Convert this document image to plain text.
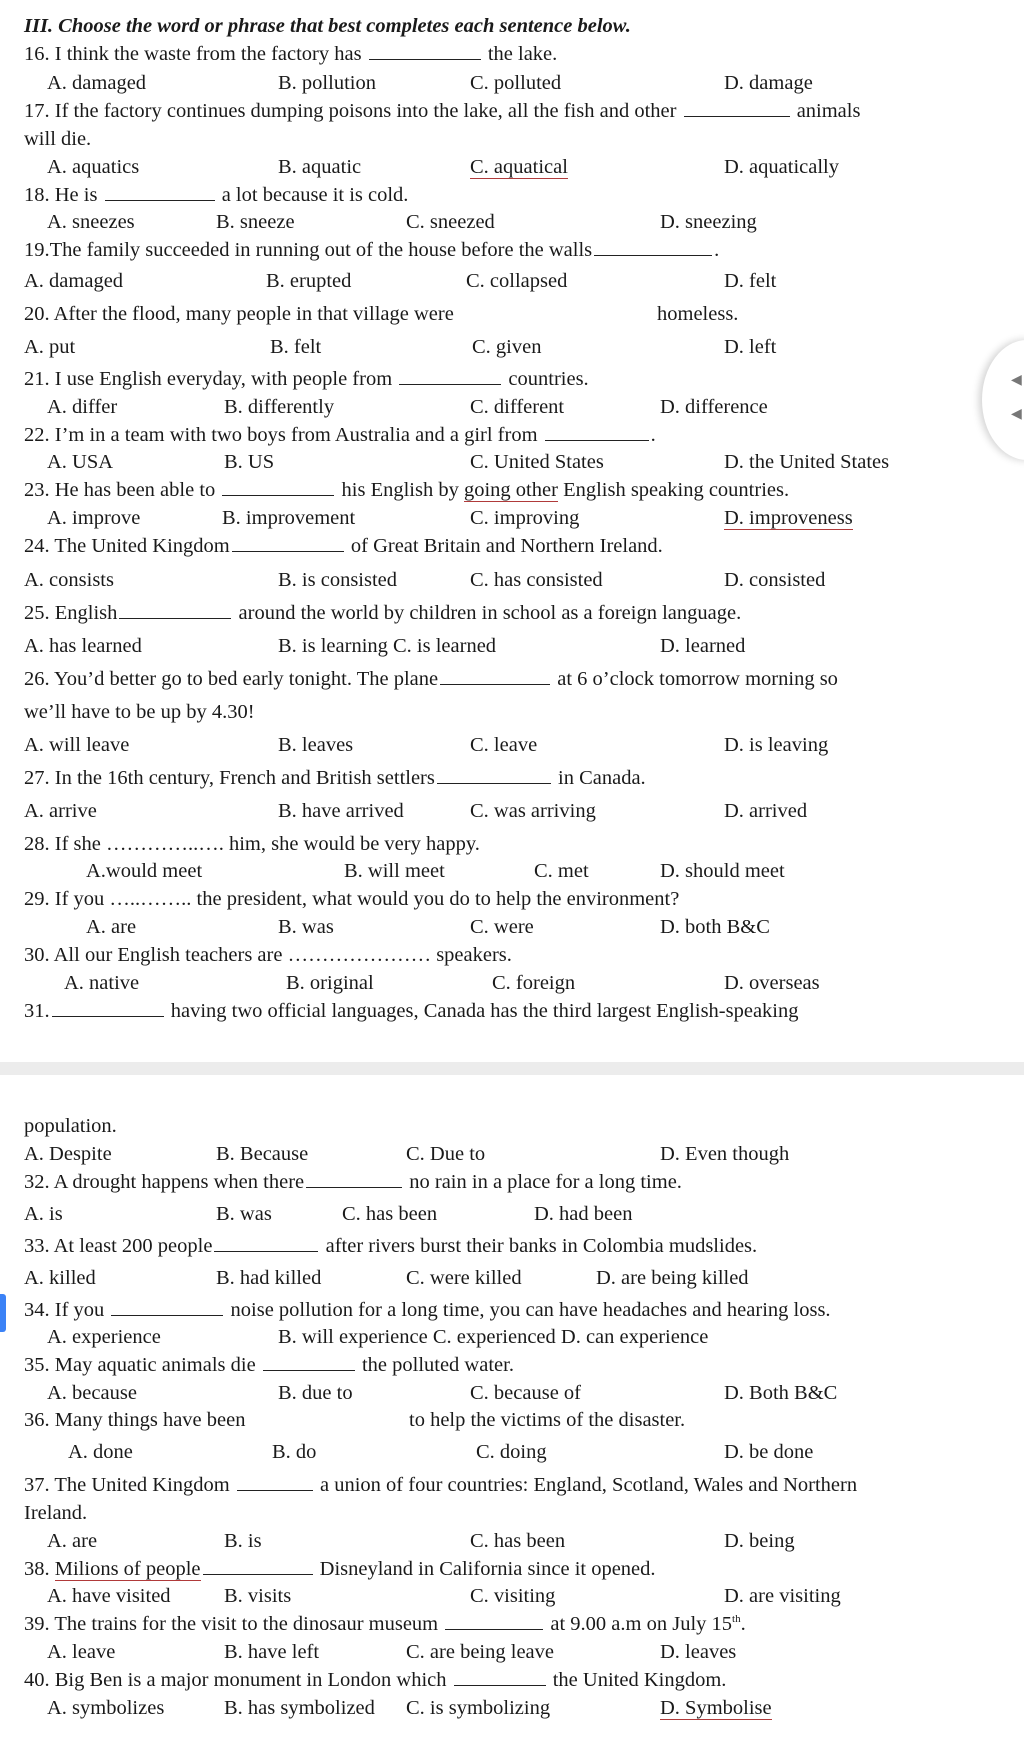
III. Choose the word or phrase that best completes each sentence below.
16. I think the waste from the factory has	the lake.
A. damaged	B. pollution	C. polluted	D. damage
17. If the factory continues dumping poisons into the lake, all the fish and other	animals
will die.
A. aquatics	B. aquatic	C. aquatical	D. aquatically
18. He is	a lot because it is cold.
A. sneezes	B. sneeze	C. sneezed	D. sneezing
19.The family succeeded in running out of the house before the walls	.
A. damaged	B. erupted	C. collapsed	D. felt
20. After the flood, many people in that village were	homeless.
A. put	B. felt	C. given	D. left
21. I use English everyday, with people from	countries.
A. differ	B. differently	C. different	D. difference
22. I’m in a team with two boys from Australia and a girl from	.
A. USA	B. US	C. United States	D. the United States
23. He has been able to	his English by going other English speaking countries.
A. improve	B. improvement	C. improving	D. improveness
24. The United Kingdom	of Great Britain and Northern Ireland.
A. consists	B. is consisted	C. has consisted	D. consisted
25. English	around the world by children in school as a foreign language.
A. has learned	B. is learning C. is learned	D. learned
26. You’d better go to bed early tonight. The plane	at 6 o’clock tomorrow morning so
we’ll have to be up by 4.30!
A. will leave	B. leaves	C. leave	D. is leaving
27. In the 16th century, French and British settlers	in Canada.
A. arrive	B. have arrived	C. was arriving	D. arrived
28. If she …………..…. him, she would be very happy.
A.would meet	B. will meet	C. met	D. should meet
29. If you …..…….. the president, what would you do to help the environment?
A. are	B. was	C. were	D. both B&C
30. All our English teachers are ………………… speakers.
A. native	B. original	C. foreign	D. overseas
31.	having two official languages, Canada has the third largest English-speaking
◀
◀
population.
A. Despite	B. Because	C. Due to	D. Even though
32. A drought happens when there	no rain in a place for a long time.
A. is	B. was	C. has been	D. had been
33. At least 200 people	after rivers burst their banks in Colombia mudslides.
A. killed	B. had killed	C. were killed	D. are being killed
34. If you	noise pollution for a long time, you can have headaches and hearing loss.
A. experience	B. will experience C. experienced D. can experience
35. May aquatic animals die	the polluted water.
A. because	B. due to	C. because of	D. Both B&C
36. Many things have been	to help the victims of the disaster.
A. done	B. do	C. doing	D. be done
37. The United Kingdom	a union of four countries: England, Scotland, Wales and Northern
Ireland.
A. are	B. is	C. has been	D. being
38. Milions of people	Disneyland in California since it opened.
A. have visited	B. visits	C. visiting	D. are visiting
39. The trains for the visit to the dinosaur museum	at 9.00 a.m on July 15th.
A. leave	B. have left	C. are being leave	D. leaves
40. Big Ben is a major monument in London which	the United Kingdom.
A. symbolizes	B. has symbolized C. is symbolizing	D. Symbolise
